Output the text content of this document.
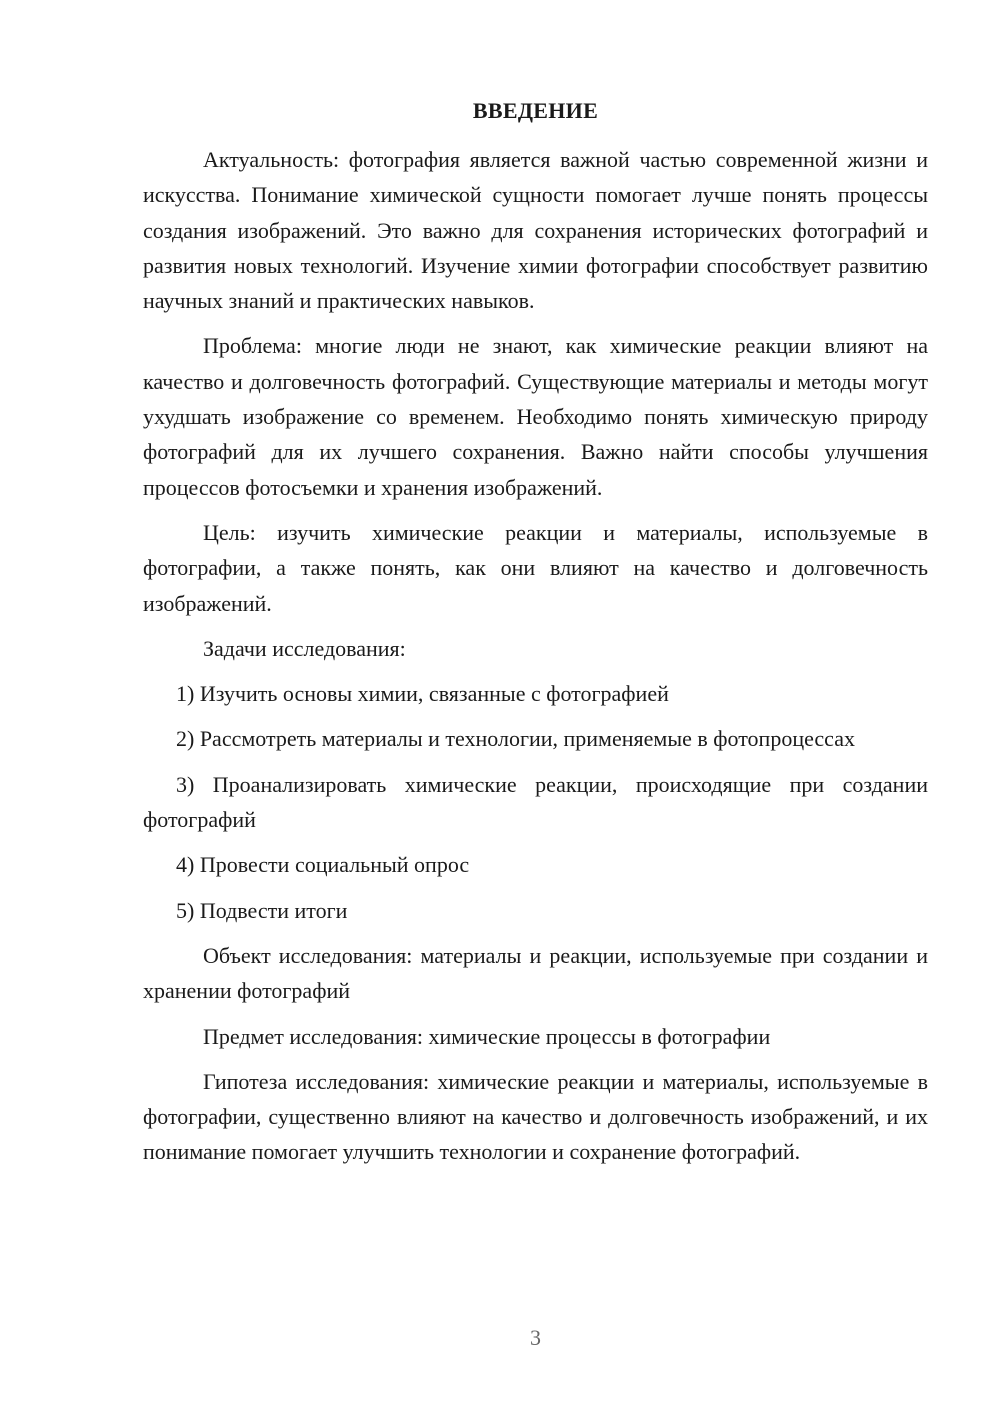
ВВЕДЕНИЕ

Актуальность: фотография является важной частью современной жизни и искусства. Понимание химической сущности помогает лучше понять процессы создания изображений. Это важно для сохранения исторических фотографий и развития новых технологий. Изучение химии фотографии способствует развитию научных знаний и практических навыков.

Проблема: многие люди не знают, как химические реакции влияют на качество и долговечность фотографий. Существующие материалы и методы могут ухудшать изображение со временем. Необходимо понять химическую природу фотографий для их лучшего сохранения. Важно найти способы улучшения процессов фотосъемки и хранения изображений.

Цель: изучить химические реакции и материалы, используемые в фотографии, а также понять, как они влияют на качество и долговечность изображений.

Задачи исследования:

1) Изучить основы химии, связанные с фотографией

2) Рассмотреть материалы и технологии, применяемые в фотопроцессах

3) Проанализировать химические реакции, происходящие при создании фотографий

4) Провести социальный опрос

5) Подвести итоги

Объект исследования: материалы и реакции, используемые при создании и хранении фотографий

Предмет исследования: химические процессы в фотографии

Гипотеза исследования: химические реакции и материалы, используемые в фотографии, существенно влияют на качество и долговечность изображений, и их понимание помогает улучшить технологии и сохранение фотографий.

3
